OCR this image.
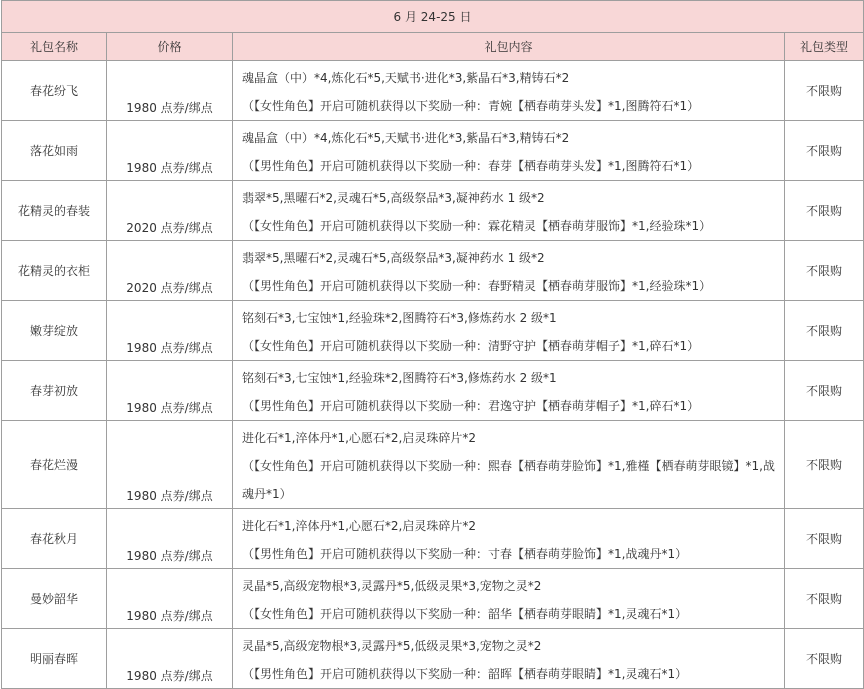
6 月 24-25 日			
礼包名称	价格	礼包内容	礼包类型
春花纷飞	1980 点券/绑点	魂晶盒（中）*4,炼化石*5,天赋书·进化*3,紫晶石*3,精铸石*2
（【女性角色】开启可随机获得以下奖励一种：青婉【栖春萌芽头发】*1,图腾符石*1）	不限购
落花如雨	1980 点券/绑点	魂晶盒（中）*4,炼化石*5,天赋书·进化*3,紫晶石*3,精铸石*2
（【男性角色】开启可随机获得以下奖励一种：春芽【栖春萌芽头发】*1,图腾符石*1）	不限购
花精灵的春装	2020 点券/绑点	翡翠*5,黑曜石*2,灵魂石*5,高级祭品*3,凝神药水 1 级*2
（【女性角色】开启可随机获得以下奖励一种：霖花精灵【栖春萌芽服饰】*1,经验珠*1）	不限购
花精灵的衣柜	2020 点券/绑点	翡翠*5,黑曜石*2,灵魂石*5,高级祭品*3,凝神药水 1 级*2
（【男性角色】开启可随机获得以下奖励一种：春野精灵【栖春萌芽服饰】*1,经验珠*1）	不限购
嫩芽绽放	1980 点券/绑点	铭刻石*3,七宝蚀*1,经验珠*2,图腾符石*3,修炼药水 2 级*1
（【女性角色】开启可随机获得以下奖励一种：清野守护【栖春萌芽帽子】*1,碎石*1）	不限购
春芽初放	1980 点券/绑点	铭刻石*3,七宝蚀*1,经验珠*2,图腾符石*3,修炼药水 2 级*1
（【男性角色】开启可随机获得以下奖励一种：君逸守护【栖春萌芽帽子】*1,碎石*1）	不限购
春花烂漫	1980 点券/绑点	进化石*1,淬体丹*1,心愿石*2,启灵珠碎片*2
（【女性角色】开启可随机获得以下奖励一种：熙春【栖春萌芽脸饰】*1,雅槿【栖春萌芽眼镜】*1,战魂丹*1）	不限购
春花秋月	1980 点券/绑点	进化石*1,淬体丹*1,心愿石*2,启灵珠碎片*2
（【男性角色】开启可随机获得以下奖励一种：寸春【栖春萌芽脸饰】*1,战魂丹*1）	不限购
曼妙韶华	1980 点券/绑点	灵晶*5,高级宠物根*3,灵露丹*5,低级灵果*3,宠物之灵*2
（【女性角色】开启可随机获得以下奖励一种：韶华【栖春萌芽眼睛】*1,灵魂石*1）	不限购
明丽春晖	1980 点券/绑点	灵晶*5,高级宠物根*3,灵露丹*5,低级灵果*3,宠物之灵*2
（【男性角色】开启可随机获得以下奖励一种：韶晖【栖春萌芽眼睛】*1,灵魂石*1）	不限购
